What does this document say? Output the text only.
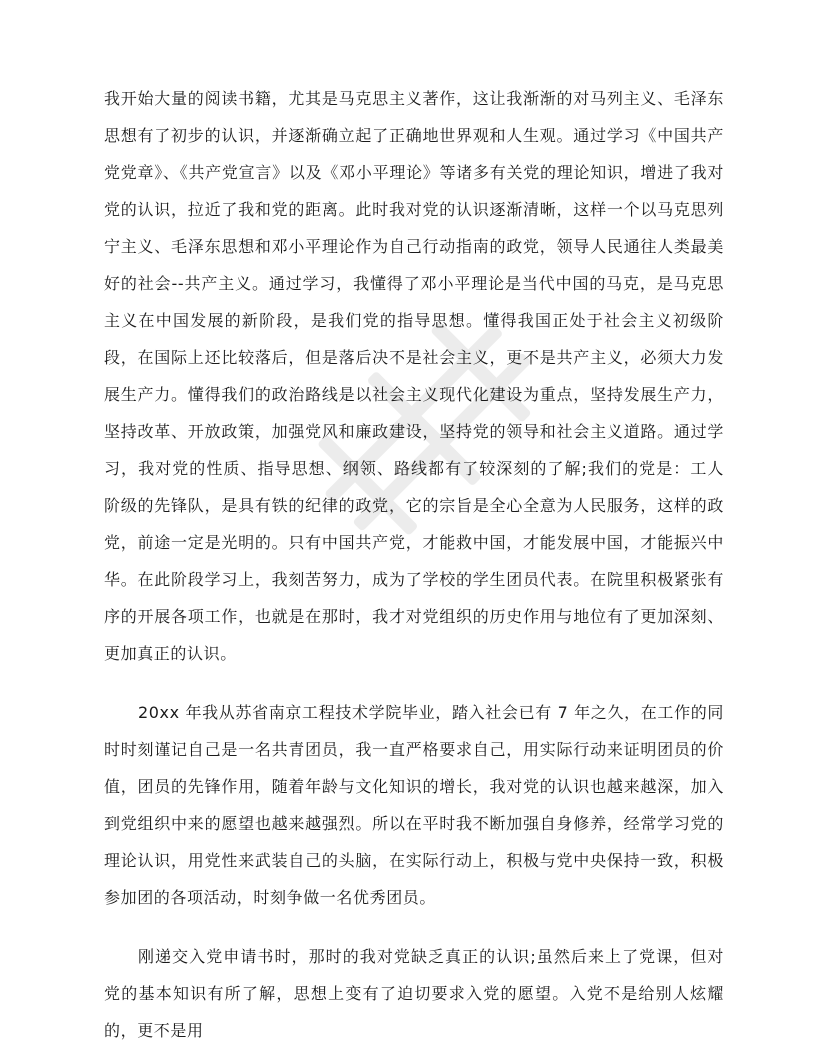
我开始大量的阅读书籍，尤其是马克思主义著作，这让我渐渐的对马列主义、毛泽东思想有了初步的认识，并逐渐确立起了正确地世界观和人生观。通过学习《中国共产党党章》、《共产党宣言》以及《邓小平理论》等诸多有关党的理论知识，增进了我对党的认识，拉近了我和党的距离。此时我对党的认识逐渐清晰，这样一个以马克思列宁主义、毛泽东思想和邓小平理论作为自己行动指南的政党，领导人民通往人类最美好的社会--共产主义。通过学习，我懂得了邓小平理论是当代中国的马克，是马克思主义在中国发展的新阶段，是我们党的指导思想。懂得我国正处于社会主义初级阶段，在国际上还比较落后，但是落后决不是社会主义，更不是共产主义，必须大力发展生产力。懂得我们的政治路线是以社会主义现代化建设为重点，坚持发展生产力，坚持改革、开放政策，加强党风和廉政建设，坚持党的领导和社会主义道路。通过学习，我对党的性质、指导思想、纲领、路线都有了较深刻的了解;我们的党是：工人阶级的先锋队，是具有铁的纪律的政党，它的宗旨是全心全意为人民服务，这样的政党，前途一定是光明的。只有中国共产党，才能救中国，才能发展中国，才能振兴中华。在此阶段学习上，我刻苦努力，成为了学校的学生团员代表。在院里积极紧张有序的开展各项工作，也就是在那时，我才对党组织的历史作用与地位有了更加深刻、更加真正的认识。

20xx 年我从苏省南京工程技术学院毕业，踏入社会已有 7 年之久，在工作的同时时刻谨记自己是一名共青团员，我一直严格要求自己，用实际行动来证明团员的价值，团员的先锋作用，随着年龄与文化知识的增长，我对党的认识也越来越深，加入到党组织中来的愿望也越来越强烈。所以在平时我不断加强自身修养，经常学习党的理论认识，用党性来武装自己的头脑，在实际行动上，积极与党中央保持一致，积极参加团的各项活动，时刻争做一名优秀团员。

刚递交入党申请书时，那时的我对党缺乏真正的认识;虽然后来上了党课，但对党的基本知识有所了解，思想上变有了迫切要求入党的愿望。入党不是给别人炫耀的，更不是用
